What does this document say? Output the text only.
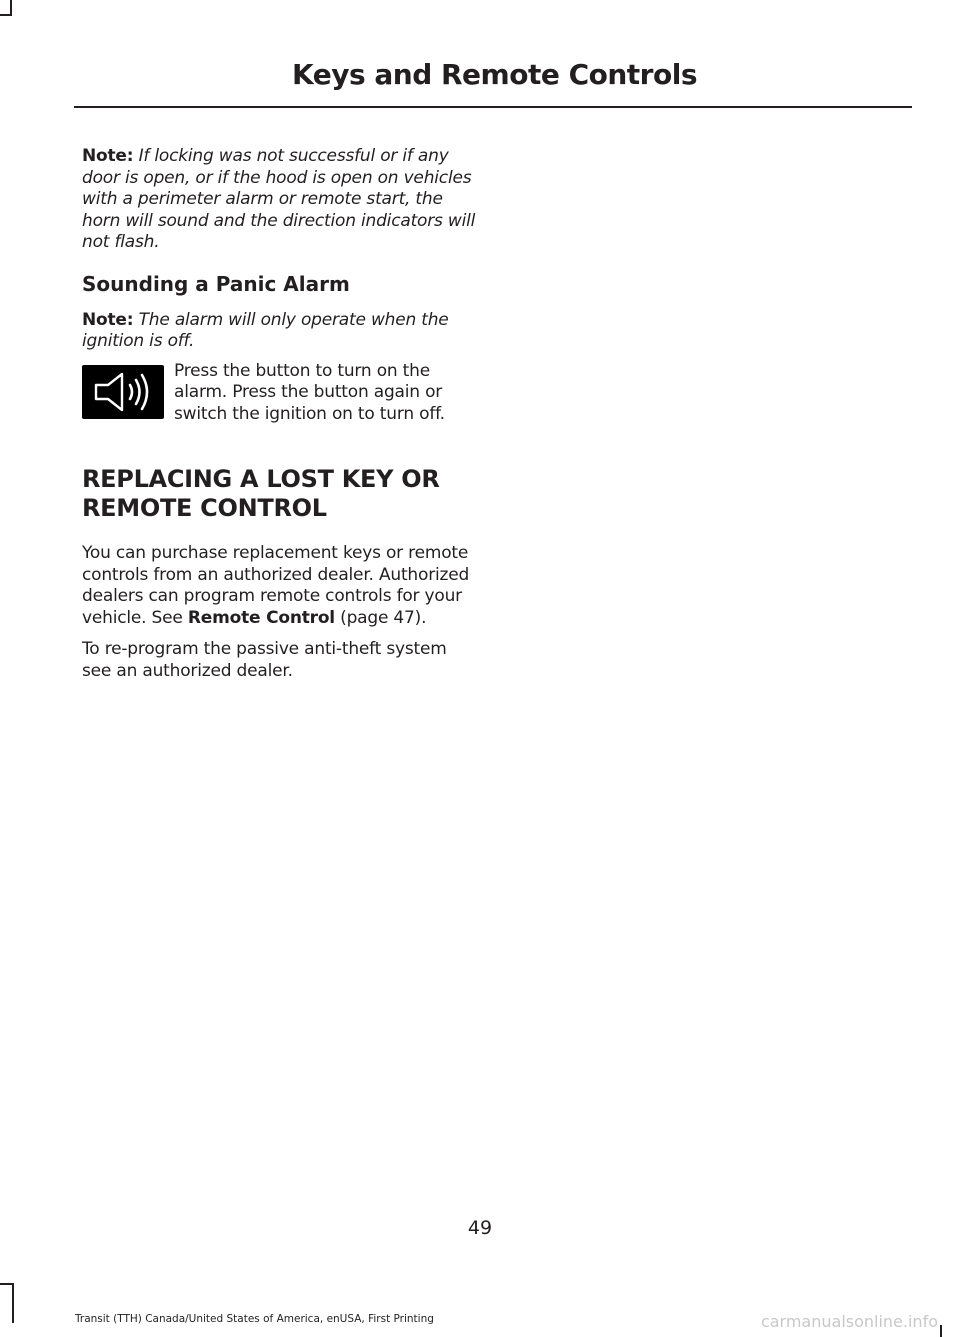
Keys and Remote Controls

Note: If locking was not successful or if any door is open, or if the hood is open on vehicles with a perimeter alarm or remote start, the horn will sound and the direction indicators will not flash.

Sounding a Panic Alarm

Note: The alarm will only operate when the ignition is off.

Press the button to turn on the alarm. Press the button again or switch the ignition on to turn off.

REPLACING A LOST KEY OR
REMOTE CONTROL

You can purchase replacement keys or remote controls from an authorized dealer. Authorized dealers can program remote controls for your vehicle. See Remote Control (page 47).

To re-program the passive anti-theft system see an authorized dealer.

49
Transit (TTH) Canada/United States of America, enUSA, First Printing	carmanualsonline.info
